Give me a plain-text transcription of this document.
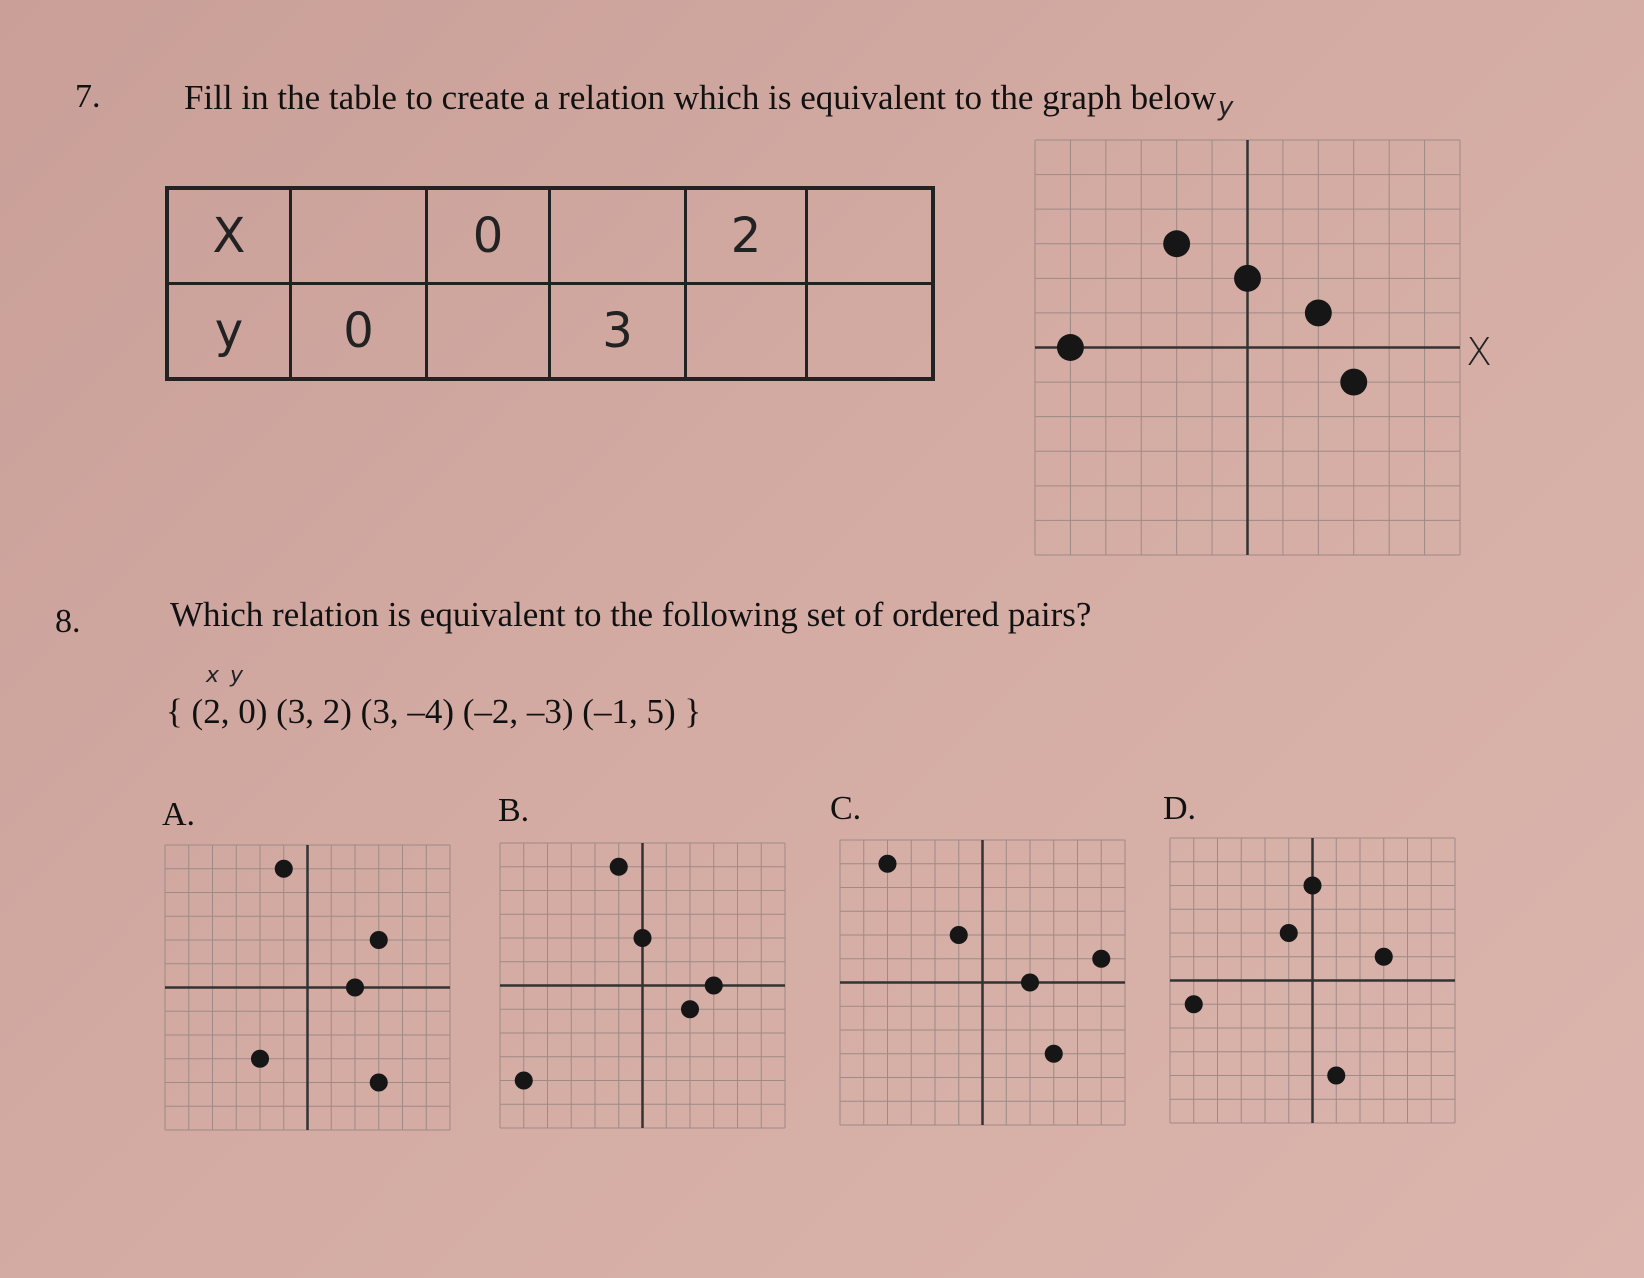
7. Fill in the table to create a relation which is equivalent to the graph below
X		0		2	
y	0		3			X
y
8.	Which relation is equivalent to the following set of ordered pairs?
x y
{ (2, 0) (3, 2) (3, –4) (–2, –3) (–1, 5) }
A.	B.	C.	D.
